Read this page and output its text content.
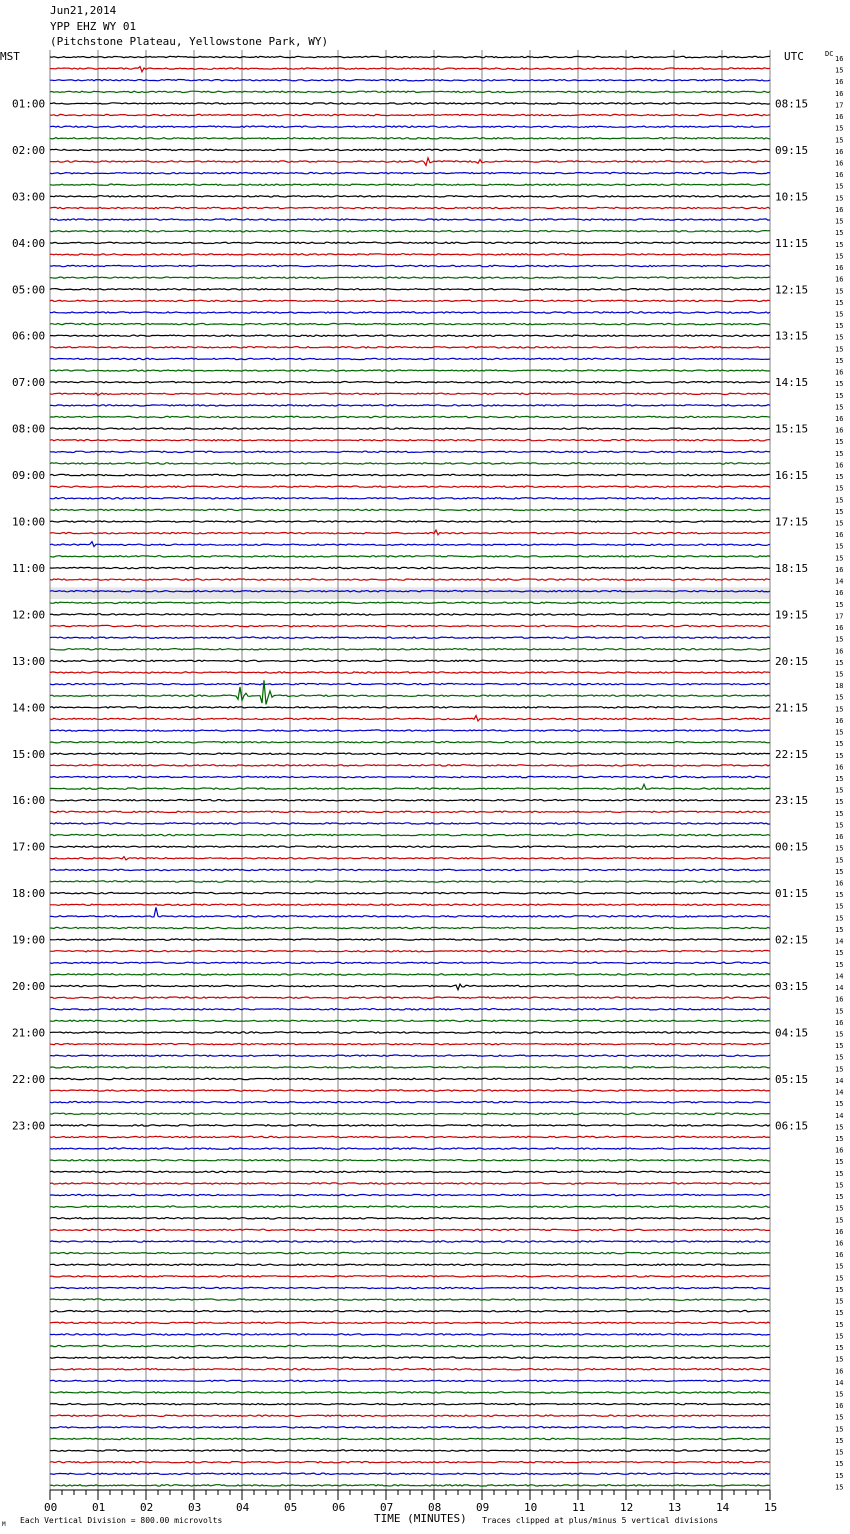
Jun21,2014
YPP EHZ WY 01
(Pitchstone Plateau, Yellowstone Park, WY)
00	01	02	03	04	05	06	07	08	09	10	11	12	13	14	15
16
15
16
16
17
16
15
15
16
16
16
15
15
16
15
15
15
15
16
16
15
15
15
15
15
15
15
16
15
15
15
16
16
15
15
16
15
15
15
15
15
16
15
15
16
14
16
15
17
16
15
16
15
15
18
15
15
16
15
15
15
16
15
15
15
15
15
16
15
15
15
16
15
15
15
15
14
15
15
14
14
16
15
16
15
15
15
15
14
14
15
14
15
15
16
15
15
15
15
15
15
16
16
16
15
15
15
15
15
15
15
15
15
16
14
15
16
15
15
15
15
15
15
15
01:00	08:15
02:00	09:15
03:00	10:15
04:00	11:15
05:00	12:15
06:00	13:15
07:00	14:15
08:00	15:15
09:00	16:15
10:00	17:15
11:00	18:15
12:00	19:15
13:00	20:15
14:00	21:15
15:00	22:15
16:00	23:15
17:00	00:15
18:00	01:15
19:00	02:15
20:00	03:15
21:00	04:15
22:00	05:15
23:00	06:15
MST	UTC	DC
TIME (MINUTES)
Each Vertical Division = 800.00 microvolts	Traces clipped at plus/minus 5 vertical divisions
M
